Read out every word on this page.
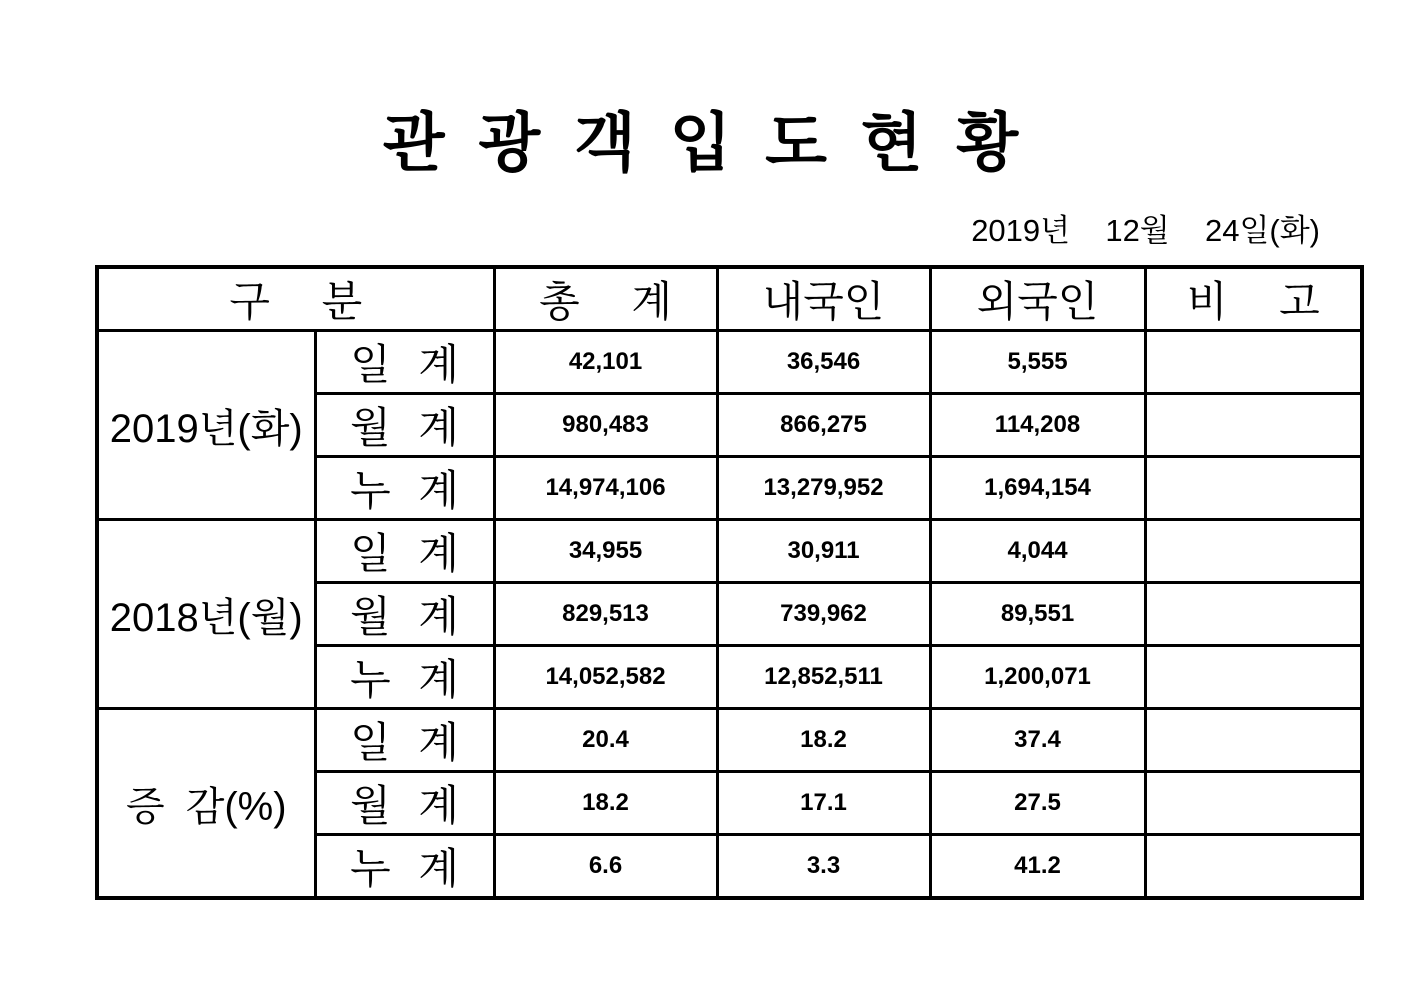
관 광 객 입 도 현 황
2019년  12월  24일(화)
구 분		총 계	내국인	외국인	비 고
2019년(화)	일 계	42,101	36,546	5,555	
	월 계	980,483	866,275	114,208	
	누 계	14,974,106	13,279,952	1,694,154	
2018년(월)	일 계	34,955	30,911	4,044	
	월 계	829,513	739,962	89,551	
	누 계	14,052,582	12,852,511	1,200,071	
증 감(%)	일 계	20.4	18.2	37.4	
	월 계	18.2	17.1	27.5	
	누 계	6.6	3.3	41.2	
